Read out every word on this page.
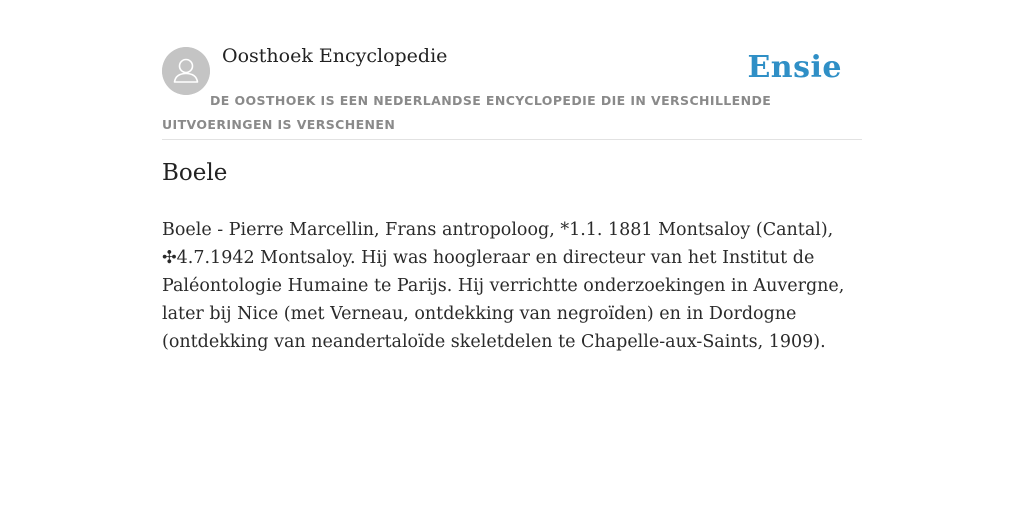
Oosthoek Encyclopedie	Ensie

DE OOSTHOEK IS EEN NEDERLANDSE ENCYCLOPEDIE DIE IN VERSCHILLENDE UITVOERINGEN IS VERSCHENEN

Boele

Boele - Pierre Marcellin, Frans antropoloog, *1.1. 1881 Montsaloy (Cantal), ✣4.7.1942 Montsaloy. Hij was hoogleraar en directeur van het Institut de Paléontologie Humaine te Parijs. Hij verrichtte onderzoekingen in Auvergne, later bij Nice (met Verneau, ontdekking van negroïden) en in Dordogne (ontdekking van neandertaloïde skeletdelen te Chapelle-aux-Saints, 1909).
